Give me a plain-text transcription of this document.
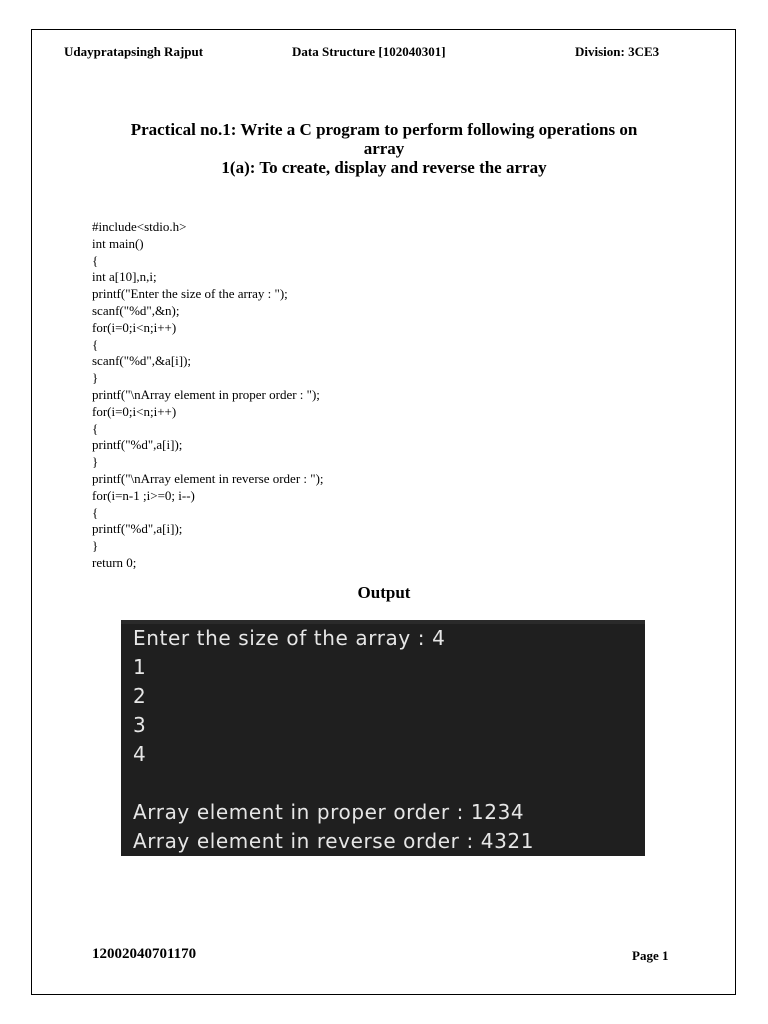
Udaypratapsingh Rajput	Data Structure [102040301]	Division: 3CE3
Practical no.1: Write a C program to perform following operations on
array
1(a): To create, display and reverse the array
#include<stdio.h>
int main()
{
int a[10],n,i;
printf("Enter the size of the array : ");
scanf("%d",&n);
for(i=0;i<n;i++)
{
scanf("%d",&a[i]);
}
printf("\nArray element in proper order : ");
for(i=0;i<n;i++)
{
printf("%d",a[i]);
}
printf("\nArray element in reverse order : ");
for(i=n-1 ;i>=0; i--)
{
printf("%d",a[i]);
}
return 0;
Output
Enter the size of the array : 4
1
2
3
4
Array element in proper order : 1234
Array element in reverse order : 4321
12002040701170	Page 1
